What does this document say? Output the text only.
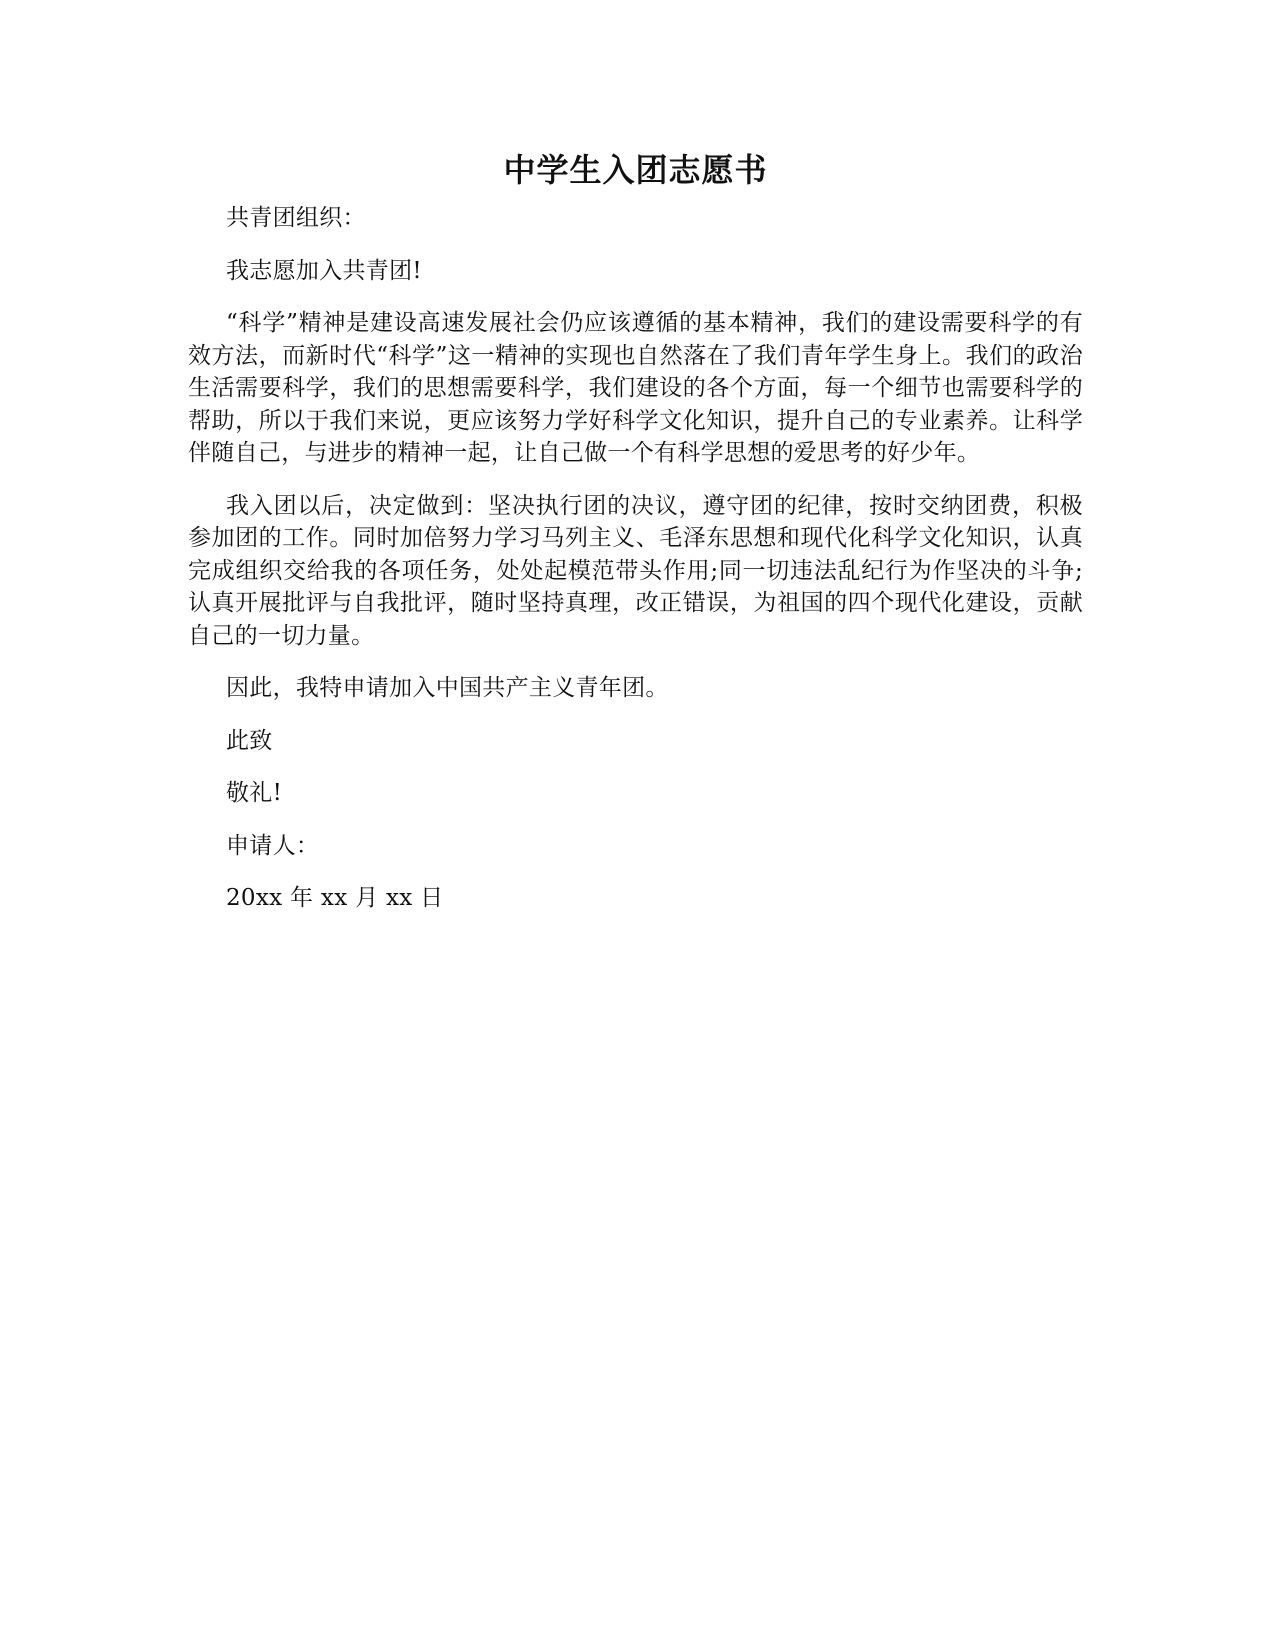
中学生入团志愿书
共青团组织：
我志愿加入共青团!
“科学”精神是建设高速发展社会仍应该遵循的基本精神，我们的建设需要科学的有效方法，而新时代“科学”这一精神的实现也自然落在了我们青年学生身上。我们的政治生活需要科学，我们的思想需要科学，我们建设的各个方面，每一个细节也需要科学的帮助，所以于我们来说，更应该努力学好科学文化知识，提升自己的专业素养。让科学伴随自己，与进步的精神一起，让自己做一个有科学思想的爱思考的好少年。
我入团以后，决定做到：坚决执行团的决议，遵守团的纪律，按时交纳团费，积极参加团的工作。同时加倍努力学习马列主义、毛泽东思想和现代化科学文化知识，认真完成组织交给我的各项任务，处处起模范带头作用;同一切违法乱纪行为作坚决的斗争;认真开展批评与自我批评，随时坚持真理，改正错误，为祖国的四个现代化建设，贡献自己的一切力量。
因此，我特申请加入中国共产主义青年团。
此致
敬礼!
申请人：
20xx 年 xx 月 xx 日
